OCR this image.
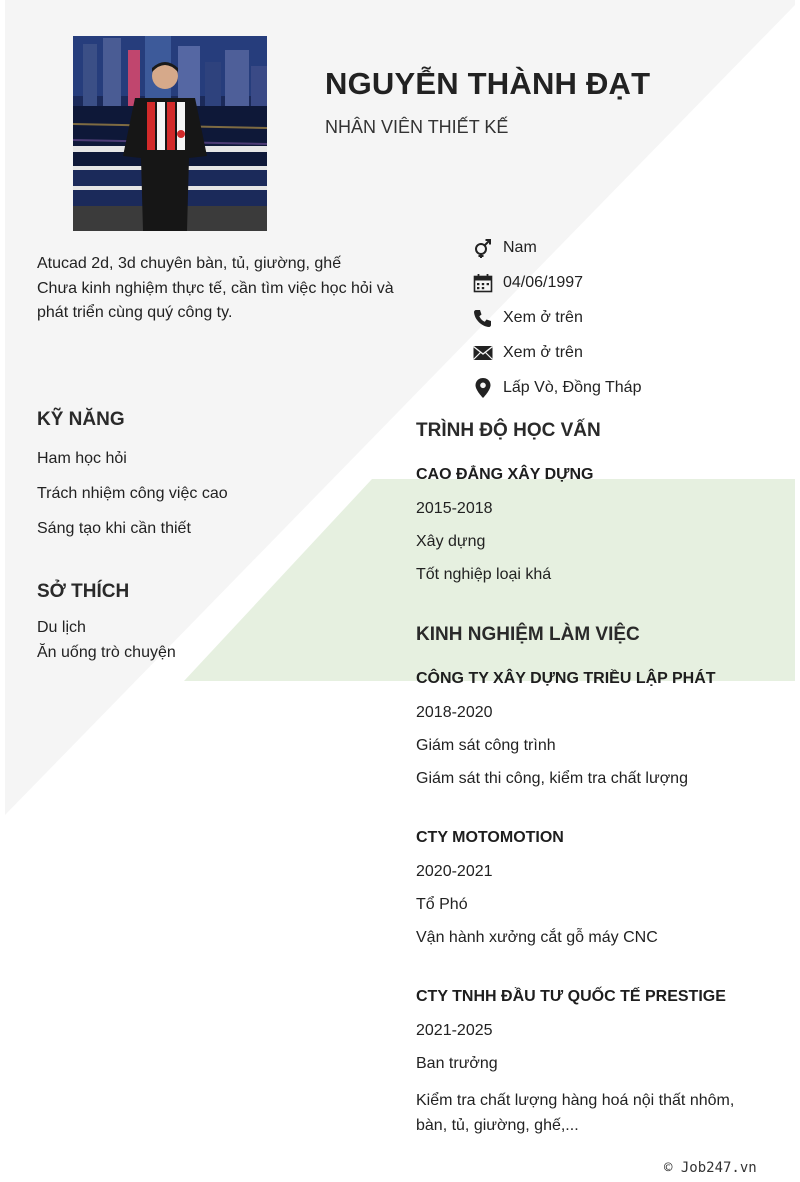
NGUYỄN THÀNH ĐẠT
NHÂN VIÊN THIẾT KẾ
Atucad 2d, 3d chuyên bàn, tủ, giường, ghế
Chưa kinh nghiệm thực tế, cần tìm việc học hỏi và phát triển cùng quý công ty.
Nam
04/06/1997
Xem ở trên
Xem ở trên
Lấp Vò, Đồng Tháp
KỸ NĂNG
Ham học hỏi
Trách nhiệm công việc cao
Sáng tạo khi cần thiết
SỞ THÍCH
Du lịch
Ăn uống trò chuyện
TRÌNH ĐỘ HỌC VẤN
CAO ĐẲNG XÂY DỰNG
2015-2018
Xây dựng
Tốt nghiệp loại khá
KINH NGHIỆM LÀM VIỆC
CÔNG TY XÂY DỰNG TRIỀU LẬP PHÁT
2018-2020
Giám sát công trình
Giám sát thi công, kiểm tra chất lượng
CTY MOTOMOTION
2020-2021
Tổ Phó
Vận hành xưởng cắt gỗ máy CNC
CTY TNHH ĐẦU TƯ QUỐC TẾ PRESTIGE
2021-2025
Ban trưởng
Kiểm tra chất lượng hàng hoá nội thất nhôm, bàn, tủ, giường, ghế,...
© Job247.vn
